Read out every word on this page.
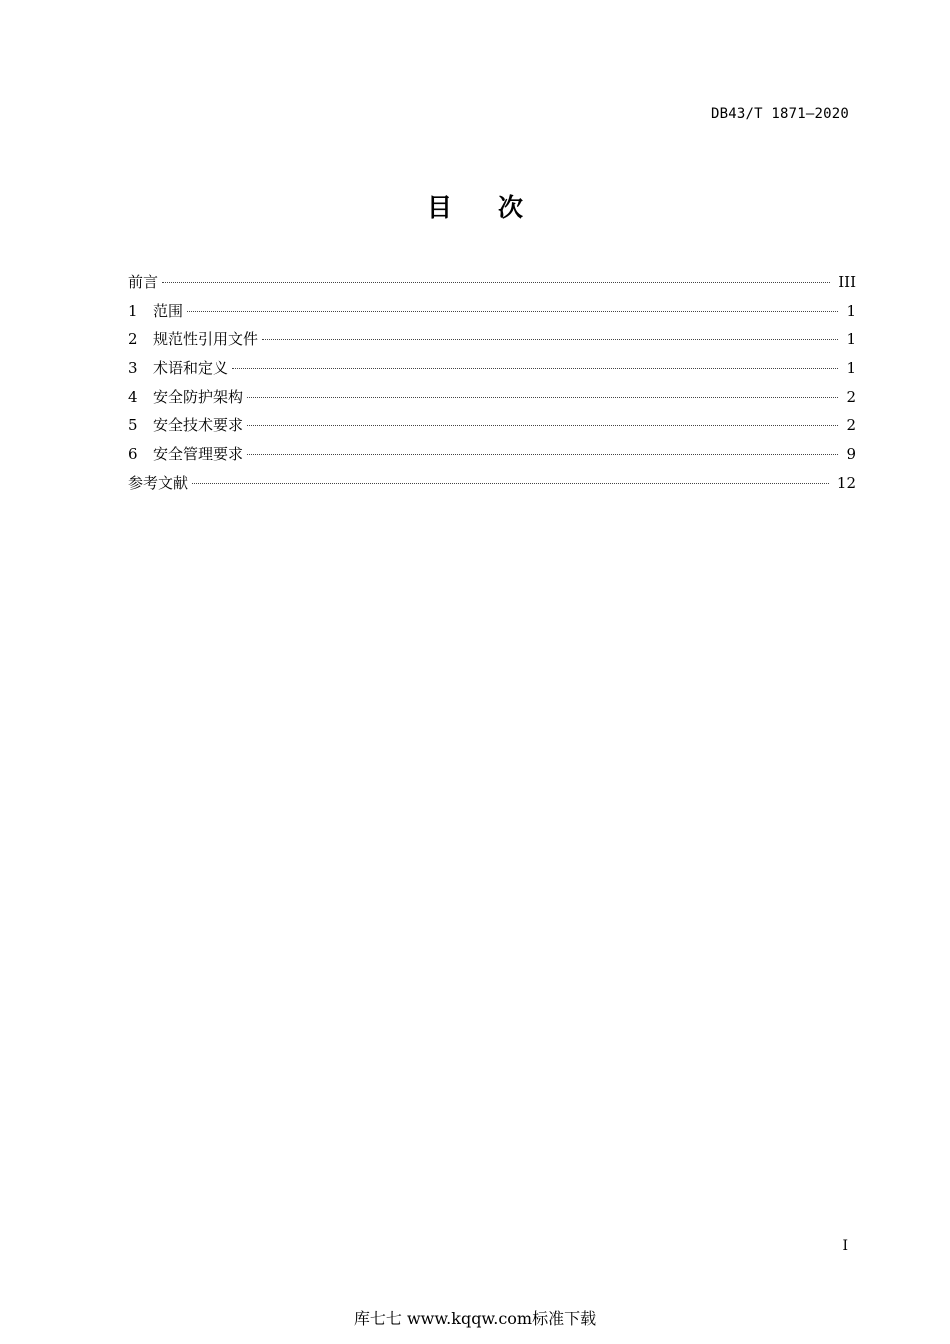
DB43/T 1871—2020
目 次
前言	III
1	范围	1
2	规范性引用文件	1
3	术语和定义	1
4	安全防护架构	2
5	安全技术要求	2
6	安全管理要求	9
参考文献	12
I
库七七 www.kqqw.com标准下载
